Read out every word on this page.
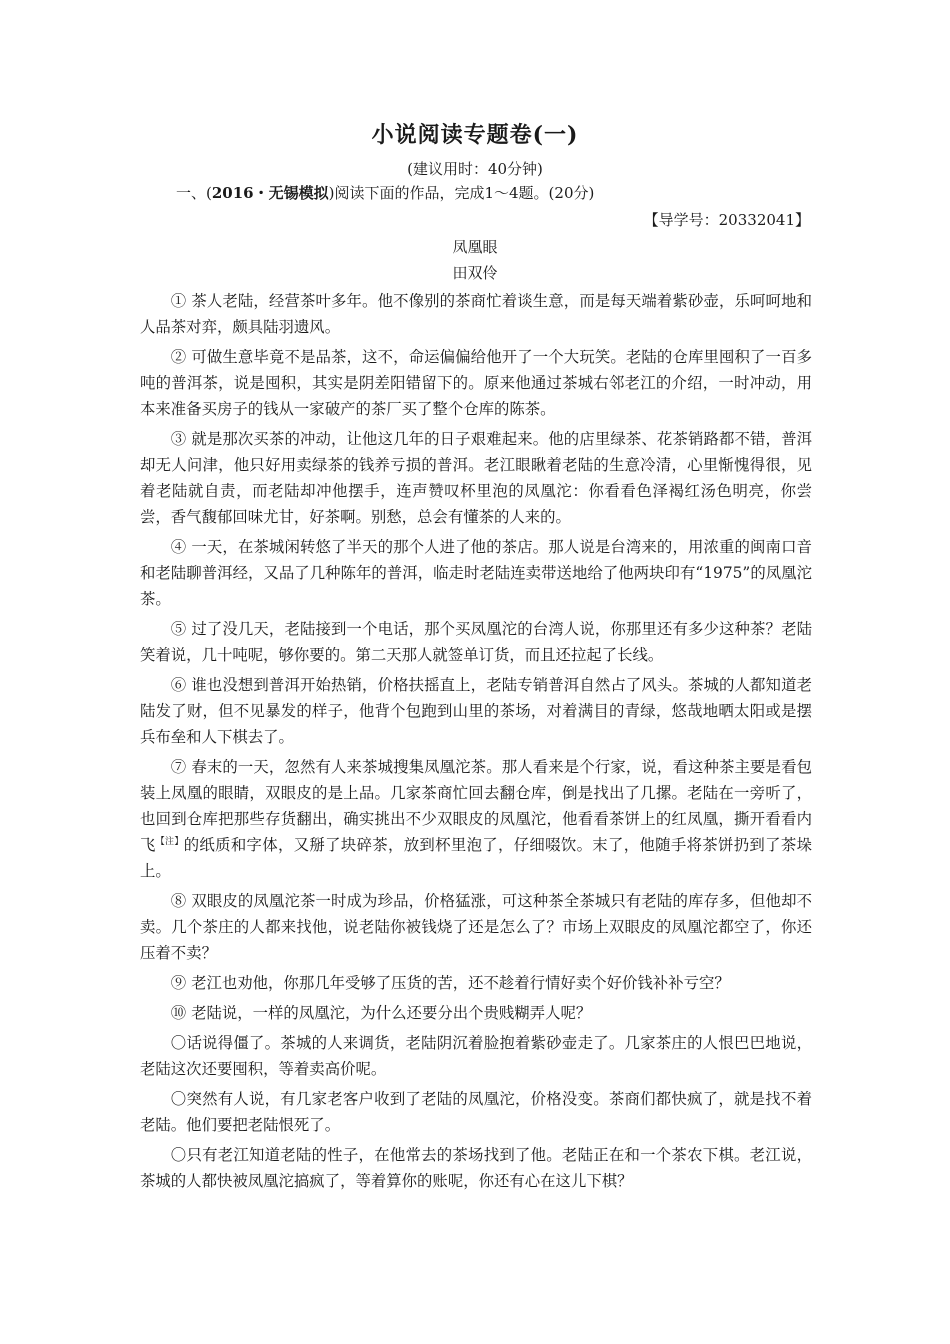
小说阅读专题卷(一)
(建议用时：40分钟)
一、(2016・无锡模拟)阅读下面的作品，完成1～4题。(20分)
【导学号：20332041】
凤凰眼
田双伶

① 茶人老陆，经营茶叶多年。他不像别的茶商忙着谈生意，而是每天端着紫砂壶，乐呵呵地和人品茶对弈，颇具陆羽遗风。

② 可做生意毕竟不是品茶，这不，命运偏偏给他开了一个大玩笑。老陆的仓库里囤积了一百多吨的普洱茶，说是囤积，其实是阴差阳错留下的。原来他通过茶城右邻老江的介绍，一时冲动，用本来准备买房子的钱从一家破产的茶厂买了整个仓库的陈茶。

③ 就是那次买茶的冲动，让他这几年的日子艰难起来。他的店里绿茶、花茶销路都不错，普洱却无人问津，他只好用卖绿茶的钱养亏损的普洱。老江眼瞅着老陆的生意冷清，心里惭愧得很，见着老陆就自责，而老陆却冲他摆手，连声赞叹杯里泡的凤凰沱：你看看色泽褐红汤色明亮，你尝尝，香气馥郁回味尤甘，好茶啊。别愁，总会有懂茶的人来的。

④ 一天，在茶城闲转悠了半天的那个人进了他的茶店。那人说是台湾来的，用浓重的闽南口音和老陆聊普洱经，又品了几种陈年的普洱，临走时老陆连卖带送地给了他两块印有“1975”的凤凰沱茶。

⑤ 过了没几天，老陆接到一个电话，那个买凤凰沱的台湾人说，你那里还有多少这种茶？老陆笑着说，几十吨呢，够你要的。第二天那人就签单订货，而且还拉起了长线。

⑥ 谁也没想到普洱开始热销，价格扶摇直上，老陆专销普洱自然占了风头。茶城的人都知道老陆发了财，但不见暴发的样子，他背个包跑到山里的茶场，对着满目的青绿，悠哉地晒太阳或是摆兵布垒和人下棋去了。

⑦ 春末的一天，忽然有人来茶城搜集凤凰沱茶。那人看来是个行家，说，看这种茶主要是看包装上凤凰的眼睛，双眼皮的是上品。几家茶商忙回去翻仓库，倒是找出了几摞。老陆在一旁听了，也回到仓库把那些存货翻出，确实挑出不少双眼皮的凤凰沱，他看看茶饼上的红凤凰，撕开看看内飞$^{【注】}$的纸质和字体，又掰了块碎茶，放到杯里泡了，仔细啜饮。末了，他随手将茶饼扔到了茶垛上。

⑧ 双眼皮的凤凰沱茶一时成为珍品，价格猛涨，可这种茶全茶城只有老陆的库存多，但他却不卖。几个茶庄的人都来找他，说老陆你被钱烧了还是怎么了？市场上双眼皮的凤凰沱都空了，你还压着不卖？

⑨ 老江也劝他，你那几年受够了压货的苦，还不趁着行情好卖个好价钱补补亏空？

⑩ 老陆说，一样的凤凰沱，为什么还要分出个贵贱糊弄人呢？

〇话说得僵了。茶城的人来调货，老陆阴沉着脸抱着紫砂壶走了。几家茶庄的人恨巴巴地说，老陆这次还要囤积，等着卖高价呢。

〇突然有人说，有几家老客户收到了老陆的凤凰沱，价格没变。茶商们都快疯了，就是找不着老陆。他们要把老陆恨死了。

〇只有老江知道老陆的性子，在他常去的茶场找到了他。老陆正在和一个茶农下棋。老江说，茶城的人都快被凤凰沱搞疯了，等着算你的账呢，你还有心在这儿下棋？
